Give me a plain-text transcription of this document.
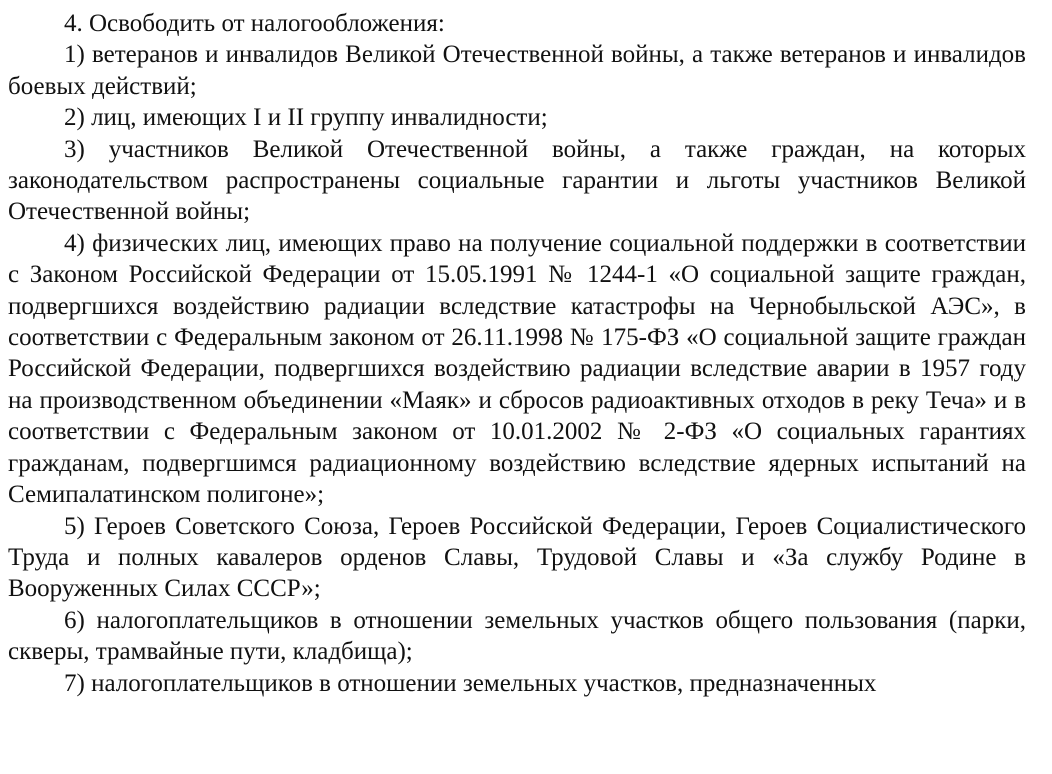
4. Освободить от налогообложения:

1) ветеранов и инвалидов Великой Отечественной войны, а также ветеранов и инвалидов боевых действий;

2) лиц, имеющих I и II группу инвалидности;

3) участников Великой Отечественной войны, а также граждан, на которых законодательством распространены социальные гарантии и льготы участников Великой Отечественной войны;

4) физических лиц, имеющих право на получение социальной поддержки в соответствии с Законом Российской Федерации от 15.05.1991 № 1244-1 «О социальной защите граждан, подвергшихся воздействию радиации вследствие катастрофы на Чернобыльской АЭС», в соответствии с Федеральным законом от 26.11.1998 № 175-ФЗ «О социальной защите граждан Российской Федерации, подвергшихся воздействию радиации вследствие аварии в 1957 году на производственном объединении «Маяк» и сбросов радиоактивных отходов в реку Теча» и в соответствии с Федеральным законом от 10.01.2002 № 2-ФЗ «О социальных гарантиях гражданам, подвергшимся радиационному воздействию вследствие ядерных испытаний на Семипалатинском полигоне»;

5) Героев Советского Союза, Героев Российской Федерации, Героев Социалистического Труда и полных кавалеров орденов Славы, Трудовой Славы и «За службу Родине в Вооруженных Силах СССР»;

6) налогоплательщиков в отношении земельных участков общего пользования (парки, скверы, трамвайные пути, кладбища);

7) налогоплательщиков в отношении земельных участков, предназначенных
